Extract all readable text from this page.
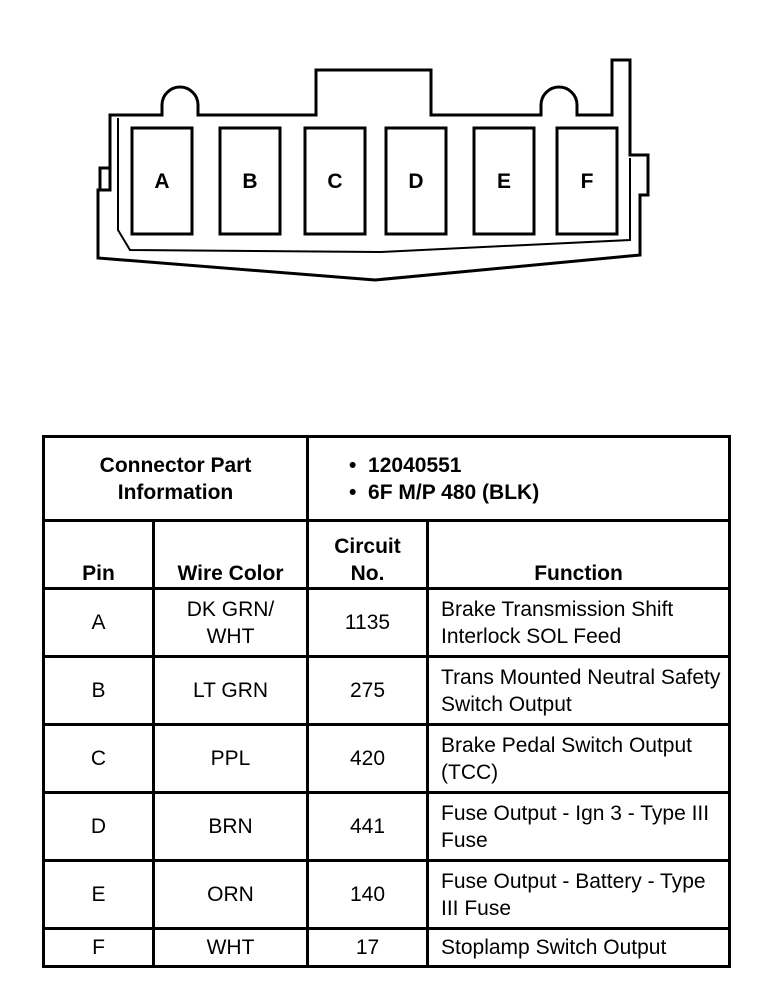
A	B	C	D	E	F
Connector Part Information		•  12040551
•  6F M/P 480 (BLK)

Pin	Wire Color	Circuit No.	Function
A	DK GRN/ WHT	1135	Brake Transmission Shift Interlock SOL Feed
B	LT GRN	275	Trans Mounted Neutral Safety Switch Output
C	PPL	420	Brake Pedal Switch Output (TCC)
D	BRN	441	Fuse Output - Ign 3 - Type III Fuse
E	ORN	140	Fuse Output - Battery - Type III Fuse
F	WHT	17	Stoplamp Switch Output
